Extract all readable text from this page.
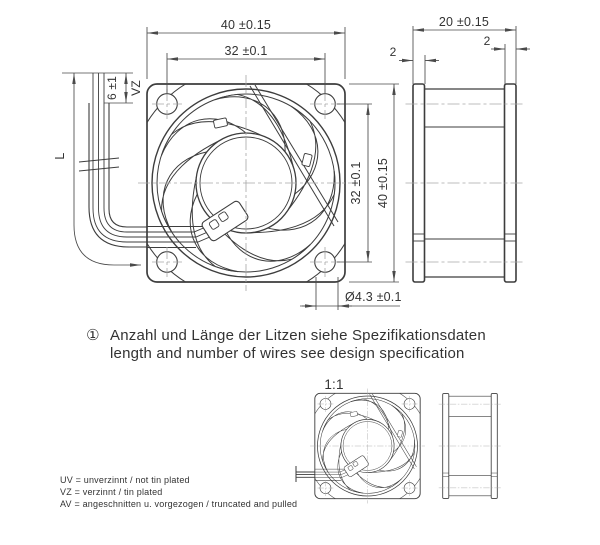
40 ±0.15
32 ±0.1
32 ±0.1 40 ±0.15
Ø4.3 ±0.1
20 ±0.15
2
2
6 ±1 VZ
L
① Anzahl und Länge der Litzen siehe Spezifikationsdaten
length and number of wires see design specification
1:1
UV = unverzinnt / not tin plated
VZ = verzinnt / tin plated
AV = angeschnitten u. vorgezogen / truncated and pulled
